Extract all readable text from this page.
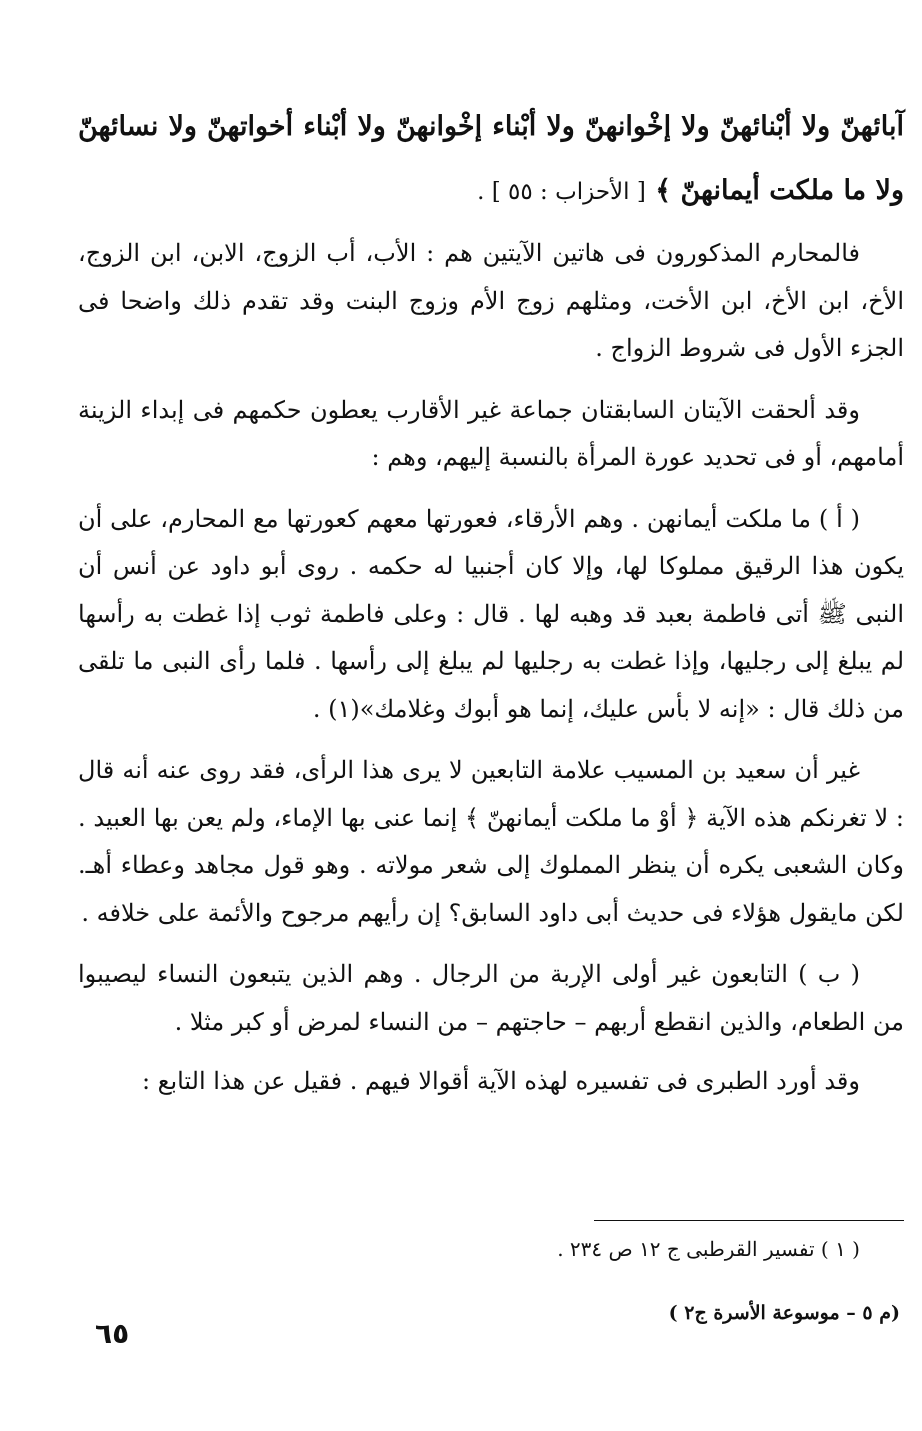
آبائهنّ ولا أبْنائهنّ ولا إخْوانهنّ ولا أبْناء إخْوانهنّ ولا أبْناء أخواتهنّ ولا نسائهنّ ولا ما ملكت أيمانهنّ ﴾ [ الأحزاب : ٥٥ ] .

فالمحارم المذكورون فى هاتين الآيتين هم : الأب، أب الزوج، الابن، ابن الزوج، الأخ، ابن الأخ، ابن الأخت، ومثلهم زوج الأم وزوج البنت وقد تقدم ذلك واضحا فى الجزء الأول فى شروط الزواج .

وقد ألحقت الآيتان السابقتان جماعة غير الأقارب يعطون حكمهم فى إبداء الزينة أمامهم، أو فى تحديد عورة المرأة بالنسبة إليهم، وهم :

( أ ) ما ملكت أيمانهن . وهم الأرقاء، فعورتها معهم كعورتها مع المحارم، على أن يكون هذا الرقيق مملوكا لها، وإلا كان أجنبيا له حكمه . روى أبو داود عن أنس أن النبى ﷺ أتى فاطمة بعبد قد وهبه لها . قال : وعلى فاطمة ثوب إذا غطت به رأسها لم يبلغ إلى رجليها، وإذا غطت به رجليها لم يبلغ إلى رأسها . فلما رأى النبى ما تلقى من ذلك قال : «إنه لا بأس عليك، إنما هو أبوك وغلامك»(١) .

غير أن سعيد بن المسيب علامة التابعين لا يرى هذا الرأى، فقد روى عنه أنه قال : لا تغرنكم هذه الآية ﴿ أوْ ما ملكت أيمانهنّ ﴾ إنما عنى بها الإماء، ولم يعن بها العبيد . وكان الشعبى يكره أن ينظر المملوك إلى شعر مولاته . وهو قول مجاهد وعطاء أهـ. لكن مايقول هؤلاء فى حديث أبى داود السابق؟ إن رأيهم مرجوح والأئمة على خلافه .

( ب ) التابعون غير أولى الإربة من الرجال . وهم الذين يتبعون النساء ليصيبوا من الطعام، والذين انقطع أربهم – حاجتهم – من النساء لمرض أو كبر مثلا .

وقد أورد الطبرى فى تفسيره لهذه الآية أقوالا فيهم . فقيل عن هذا التابع :

( ١ ) تفسير القرطبى ج ١٢ ص ٢٣٤ .
(م ٥ – موسوعة الأسرة ج٢ )
٦٥
